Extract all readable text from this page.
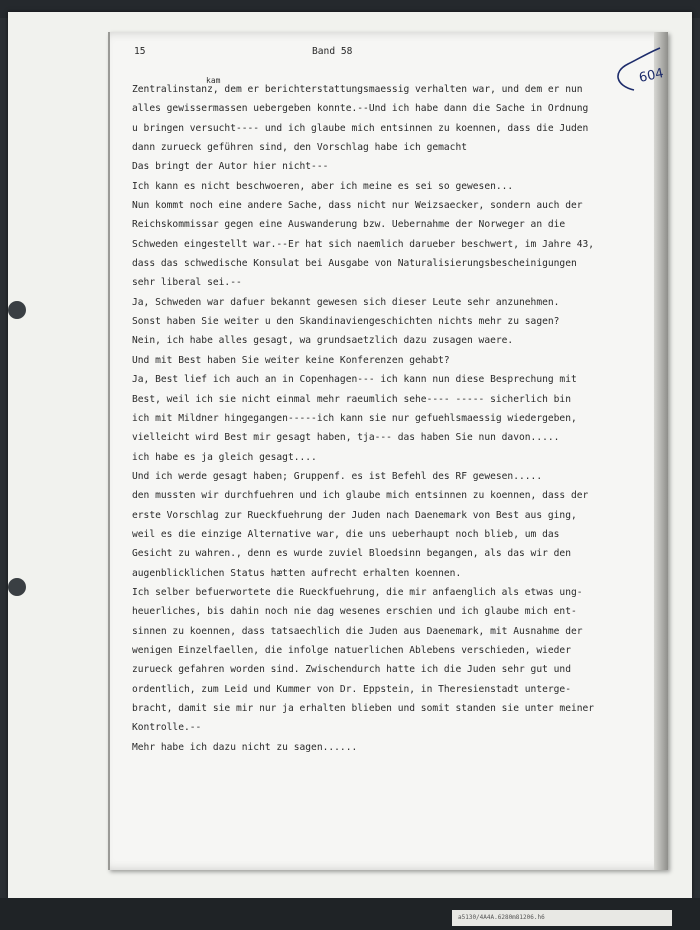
15	Band 58
604
kam
Zentralinstanz, dem er berichterstattungsmaessig verhalten war, und dem er nun
alles gewissermassen uebergeben konnte.--Und ich habe dann die Sache in Ordnung
u bringen versucht---- und ich glaube mich entsinnen zu koennen, dass die Juden
dann zurueck geführen sind, den Vorschlag habe ich gemacht
Das bringt der Autor hier nicht---
Ich kann es nicht beschwoeren, aber ich meine es sei so gewesen...
Nun kommt noch eine andere Sache, dass nicht nur Weizsaecker, sondern auch der
Reichskommissar gegen eine Auswanderung bzw. Uebernahme der Norweger an die
Schweden eingestellt war.--Er hat sich naemlich darueber beschwert, im Jahre 43,
dass das schwedische Konsulat bei Ausgabe von Naturalisierungsbescheinigungen
sehr liberal sei.--
Ja, Schweden war dafuer bekannt gewesen sich dieser Leute sehr anzunehmen.
Sonst haben Sie weiter u den Skandinaviengeschichten nichts mehr zu sagen?
Nein, ich habe alles gesagt, wa grundsaetzlich dazu zusagen waere.
Und mit Best haben Sie weiter keine Konferenzen gehabt?
Ja, Best lief ich auch an in Copenhagen--- ich kann nun diese Besprechung mit
Best, weil ich sie nicht einmal mehr raeumlich sehe---- ----- sicherlich bin
ich mit Mildner hingegangen-----ich kann sie nur gefuehlsmaessig wiedergeben,
vielleicht wird Best mir gesagt haben, tja--- das haben Sie nun davon.....
ich habe es ja gleich gesagt....
Und ich werde gesagt haben; Gruppenf. es ist Befehl des RF gewesen.....
den mussten wir durchfuehren und ich glaube mich entsinnen zu koennen, dass der
erste Vorschlag zur Rueckfuehrung der Juden nach Daenemark von Best aus ging,
weil es die einzige Alternative war, die uns ueberhaupt noch blieb, um das
Gesicht zu wahren., denn es wurde zuviel Bloedsinn begangen, als das wir den
augenblicklichen Status hætten aufrecht erhalten koennen.
Ich selber befuerwortete die Rueckfuehrung, die mir anfaenglich als etwas ung-
heuerliches, bis dahin noch nie dag wesenes erschien und ich glaube mich ent-
sinnen zu koennen, dass tatsaechlich die Juden aus Daenemark, mit Ausnahme der
wenigen Einzelfaellen, die infolge natuerlichen Ablebens verschieden, wieder
zurueck gefahren worden sind. Zwischendurch hatte ich die Juden sehr gut und
ordentlich, zum Leid und Kummer von Dr. Eppstein, in Theresienstadt unterge-
bracht, damit sie mir nur ja erhalten blieben und somit standen sie unter meiner
Kontrolle.--
Mehr habe ich dazu nicht zu sagen......
a5130/4A4A.6280m81206.h6
